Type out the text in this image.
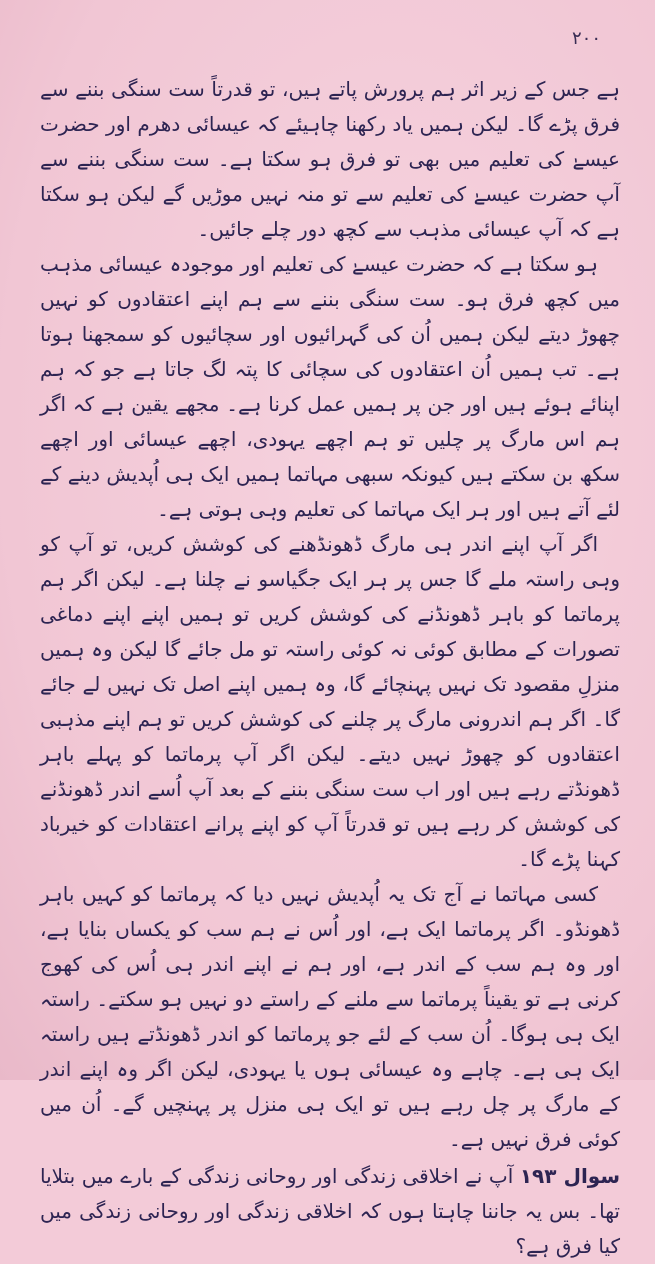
۲۰۰

ہے جس کے زیر اثر ہم پرورش پاتے ہیں، تو قدرتاً ست سنگی بننے سے فرق پڑے گا۔ لیکن ہمیں یاد رکھنا چاہیئے کہ عیسائی دھرم اور حضرت عیسےٰ کی تعلیم میں بھی تو فرق ہو سکتا ہے۔ ست سنگی بننے سے آپ حضرت عیسےٰ کی تعلیم سے تو منہ نہیں موڑیں گے لیکن ہو سکتا ہے کہ آپ عیسائی مذہب سے کچھ دور چلے جائیں۔

ہو سکتا ہے کہ حضرت عیسےٰ کی تعلیم اور موجودہ عیسائی مذہب میں کچھ فرق ہو۔ ست سنگی بننے سے ہم اپنے اعتقادوں کو نہیں چھوڑ دیتے لیکن ہمیں اُن کی گہرائیوں اور سچائیوں کو سمجھنا ہوتا ہے۔ تب ہمیں اُن اعتقادوں کی سچائی کا پتہ لگ جاتا ہے جو کہ ہم اپنائے ہوئے ہیں اور جن پر ہمیں عمل کرنا ہے۔ مجھے یقین ہے کہ اگر ہم اس مارگ پر چلیں تو ہم اچھے یہودی، اچھے عیسائی اور اچھے سکھ بن سکتے ہیں کیونکہ سبھی مہاتما ہمیں ایک ہی اُپدیش دینے کے لئے آتے ہیں اور ہر ایک مہاتما کی تعلیم وہی ہوتی ہے۔

اگر آپ اپنے اندر ہی مارگ ڈھونڈھنے کی کوشش کریں، تو آپ کو وہی راستہ ملے گا جس پر ہر ایک جگیاسو نے چلنا ہے۔ لیکن اگر ہم پرماتما کو باہر ڈھونڈنے کی کوشش کریں تو ہمیں اپنے اپنے دماغی تصورات کے مطابق کوئی نہ کوئی راستہ تو مل جائے گا لیکن وہ ہمیں منزلِ مقصود تک نہیں پہنچائے گا، وہ ہمیں اپنے اصل تک نہیں لے جائے گا۔ اگر ہم اندرونی مارگ پر چلنے کی کوشش کریں تو ہم اپنے مذہبی اعتقادوں کو چھوڑ نہیں دیتے۔ لیکن اگر آپ پرماتما کو پہلے باہر ڈھونڈتے رہے ہیں اور اب ست سنگی بننے کے بعد آپ اُسے اندر ڈھونڈنے کی کوشش کر رہے ہیں تو قدرتاً آپ کو اپنے پرانے اعتقادات کو خیرباد کہنا پڑے گا۔

کسی مہاتما نے آج تک یہ اُپدیش نہیں دیا کہ پرماتما کو کہیں باہر ڈھونڈو۔ اگر پرماتما ایک ہے، اور اُس نے ہم سب کو یکساں بنایا ہے، اور وہ ہم سب کے اندر ہے، اور ہم نے اپنے اندر ہی اُس کی کھوج کرنی ہے تو یقیناً پرماتما سے ملنے کے راستے دو نہیں ہو سکتے۔ راستہ ایک ہی ہوگا۔ اُن سب کے لئے جو پرماتما کو اندر ڈھونڈتے ہیں راستہ ایک ہی ہے۔ چاہے وہ عیسائی ہوں یا یہودی، لیکن اگر وہ اپنے اندر کے مارگ پر چل رہے ہیں تو ایک ہی منزل پر پہنچیں گے۔ اُن میں کوئی فرق نہیں ہے۔

سوال ۱۹۳ آپ نے اخلاقی زندگی اور روحانی زندگی کے بارے میں بتلایا تھا۔ بس یہ جاننا چاہتا ہوں کہ اخلاقی زندگی اور روحانی زندگی میں کیا فرق ہے؟
